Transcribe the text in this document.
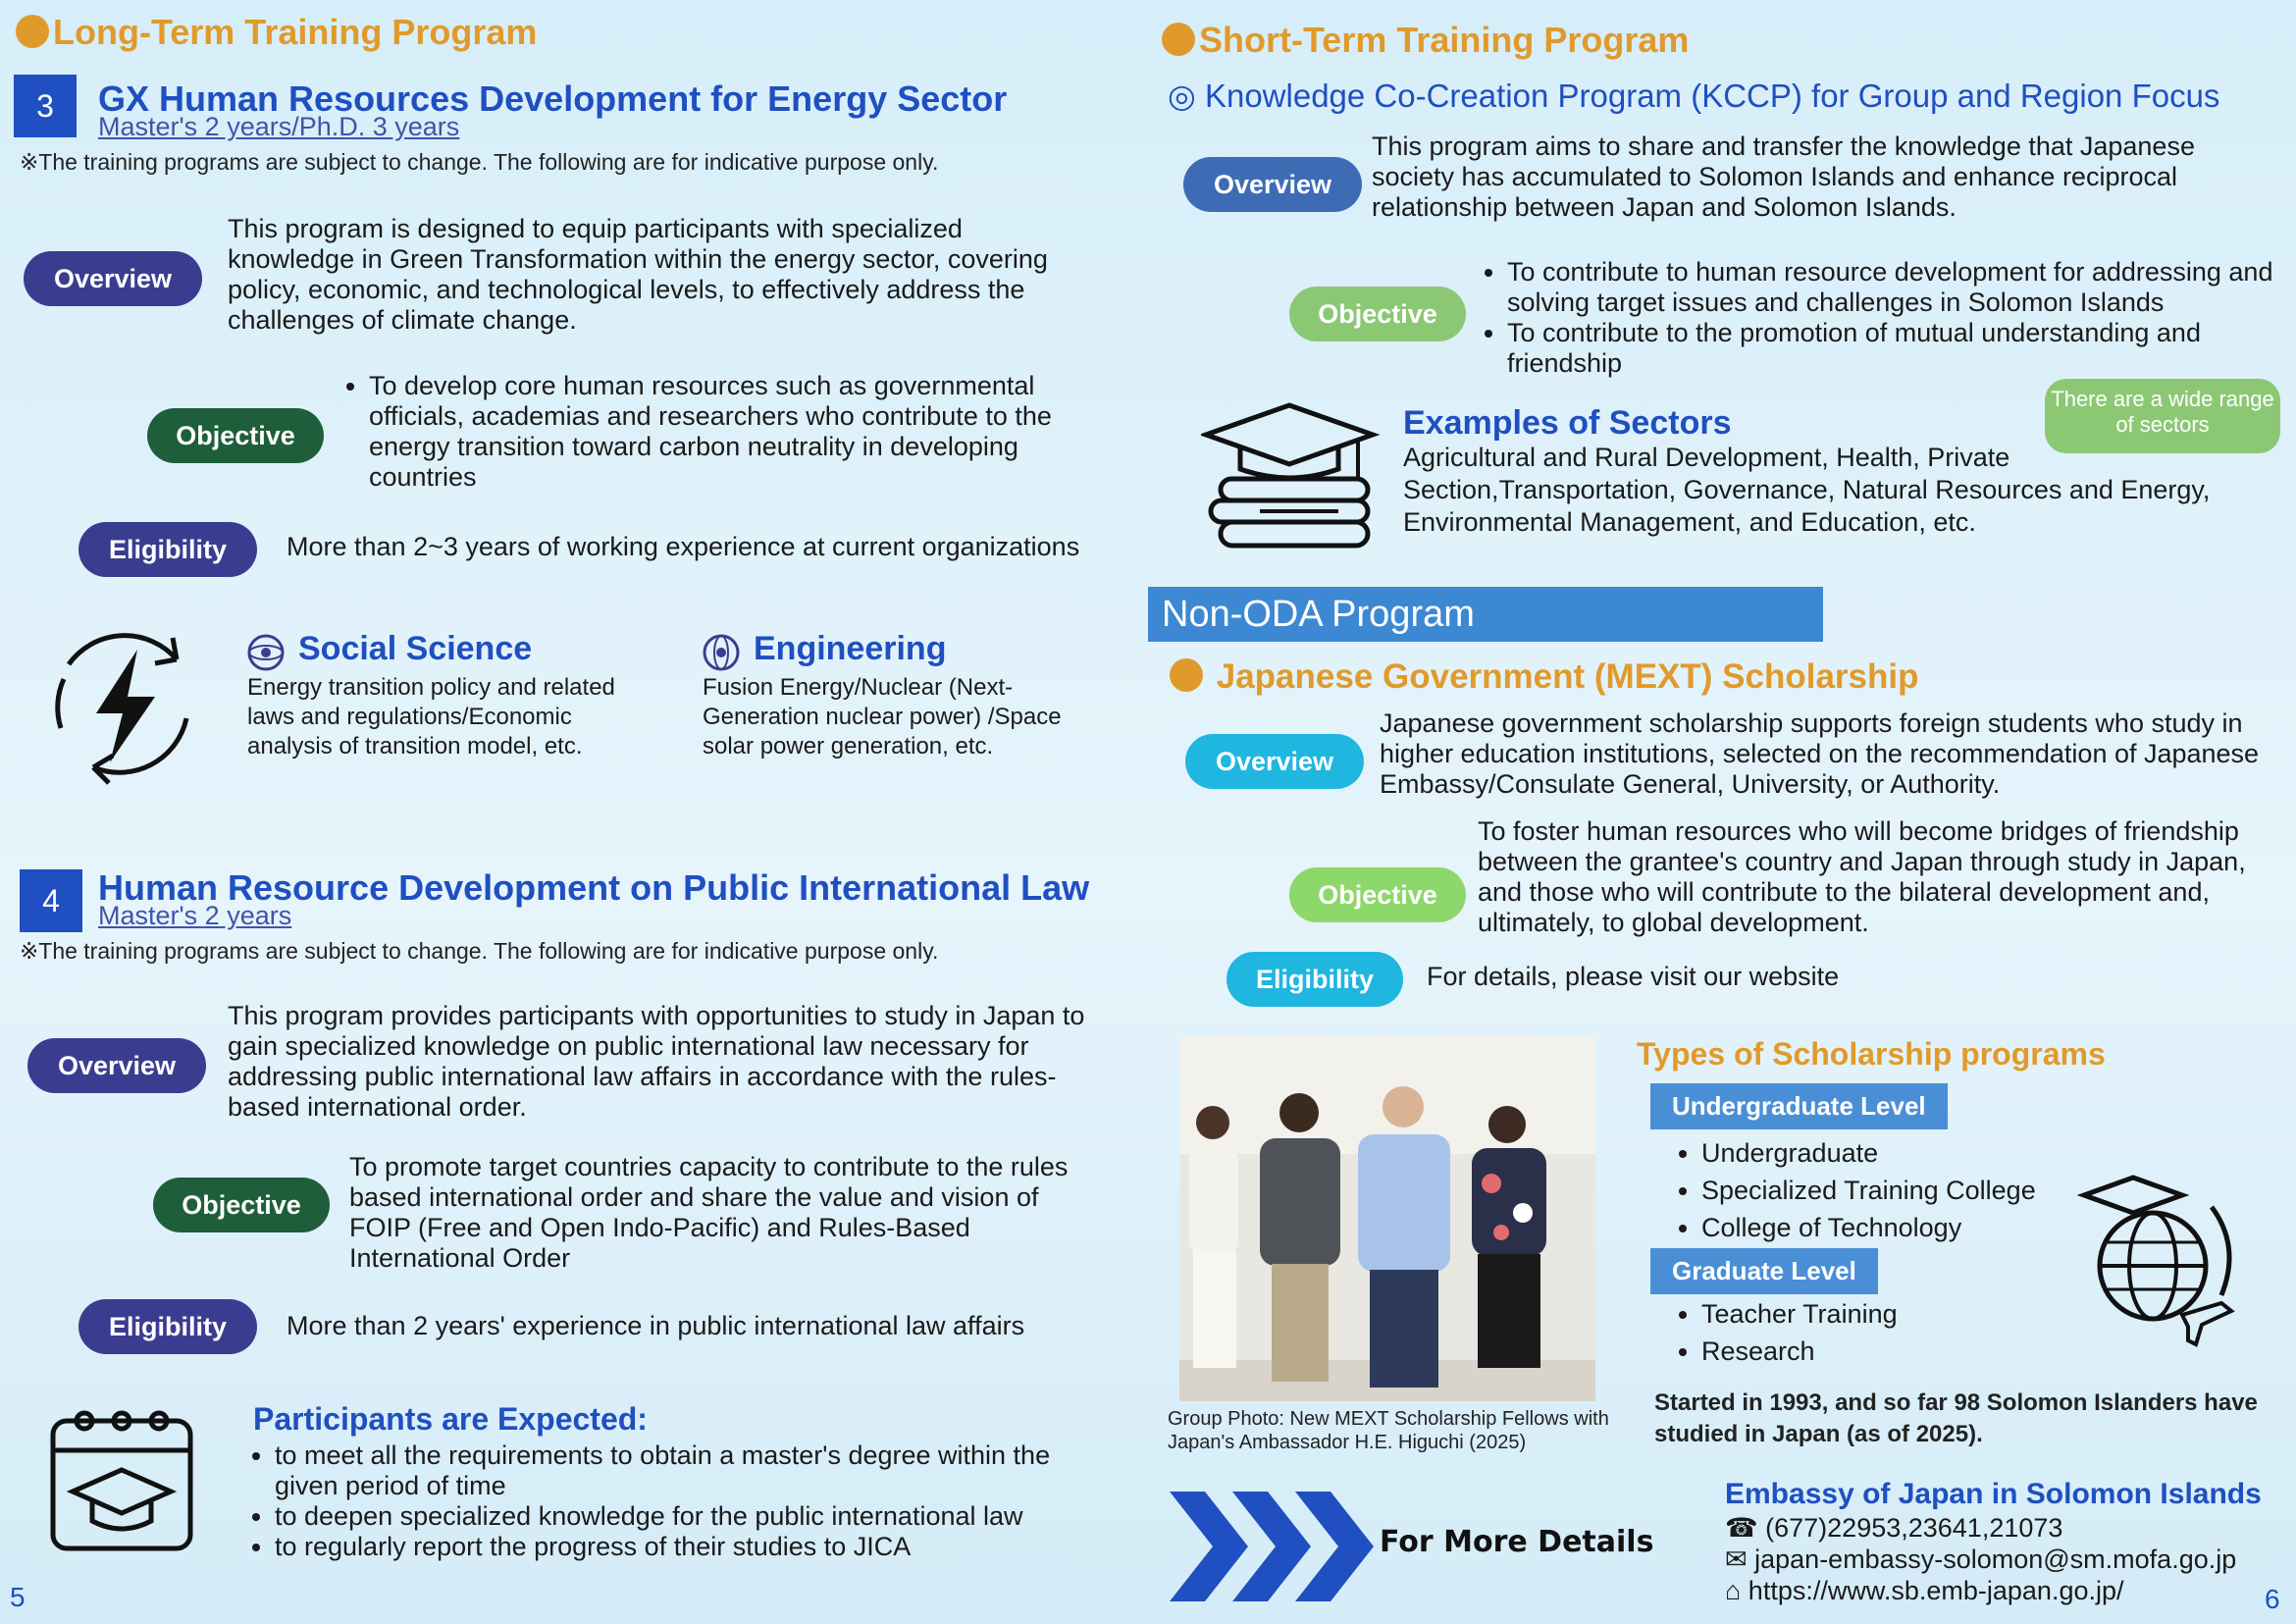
Long-Term Training Program
3	GX Human Resources Development for Energy Sector
Master's 2 years/Ph.D. 3 years
※The training programs are subject to change. The following are for indicative purpose only.
Overview
This program is designed to equip participants with specialized knowledge in Green Transformation within the energy sector, covering policy, economic, and technological levels, to effectively address the challenges of climate change.
Objective
• To develop core human resources such as governmental officials, academias and researchers who contribute to the energy transition toward carbon neutrality in developing countries
Eligibility	More than 2~3 years of working experience at current organizations
Social Science
Energy transition policy and related laws and regulations/Economic analysis of transition model, etc.
Engineering
Fusion Energy/Nuclear (Next-Generation nuclear power) /Space solar power generation, etc.
4	Human Resource Development on Public International Law
Master's 2 years
※The training programs are subject to change. The following are for indicative purpose only.
Overview
This program provides participants with opportunities to study in Japan to gain specialized knowledge on public international law necessary for addressing public international law affairs in accordance with the rules-based international order.
Objective
To promote target countries capacity to contribute to the rules based international order and share the value and vision of FOIP (Free and Open Indo-Pacific) and Rules-Based International Order
Eligibility	More than 2 years' experience in public international law affairs
Participants are Expected:
• to meet all the requirements to obtain a master's degree within the given period of time
• to deepen specialized knowledge for the public international law
• to regularly report the progress of their studies to JICA
5
Short-Term Training Program
◎ Knowledge Co-Creation Program (KCCP) for Group and Region Focus
Overview
This program aims to share and transfer the knowledge that Japanese society has accumulated to Solomon Islands and enhance reciprocal relationship between Japan and Solomon Islands.
Objective
• To contribute to human resource development for addressing and solving target issues and challenges in Solomon Islands
• To contribute to the promotion of mutual understanding and friendship
Examples of Sectors
Agricultural and Rural Development, Health, Private Section,Transportation, Governance, Natural Resources and Energy, Environmental Management, and Education, etc.
There are a wide range of sectors
Non-ODA Program
Japanese Government (MEXT) Scholarship
Overview
Japanese government scholarship supports foreign students who study in higher education institutions, selected on the recommendation of Japanese Embassy/Consulate General, University, or Authority.
Objective
To foster human resources who will become bridges of friendship between the grantee's country and Japan through study in Japan, and those who will contribute to the bilateral development and, ultimately, to global development.
Eligibility	For details, please visit our website
Group Photo: New MEXT Scholarship Fellows with Japan's Ambassador H.E. Higuchi (2025)
Types of Scholarship programs
Undergraduate Level
• Undergraduate
• Specialized Training College
• College of Technology
Graduate Level
• Teacher Training
• Research
Started in 1993, and so far 98 Solomon Islanders have studied in Japan (as of 2025).
For More Details
Embassy of Japan in Solomon Islands
☎ (677)22953,23641,21073
✉ japan-embassy-solomon@sm.mofa.go.jp
⌂ https://www.sb.emb-japan.go.jp/	6
